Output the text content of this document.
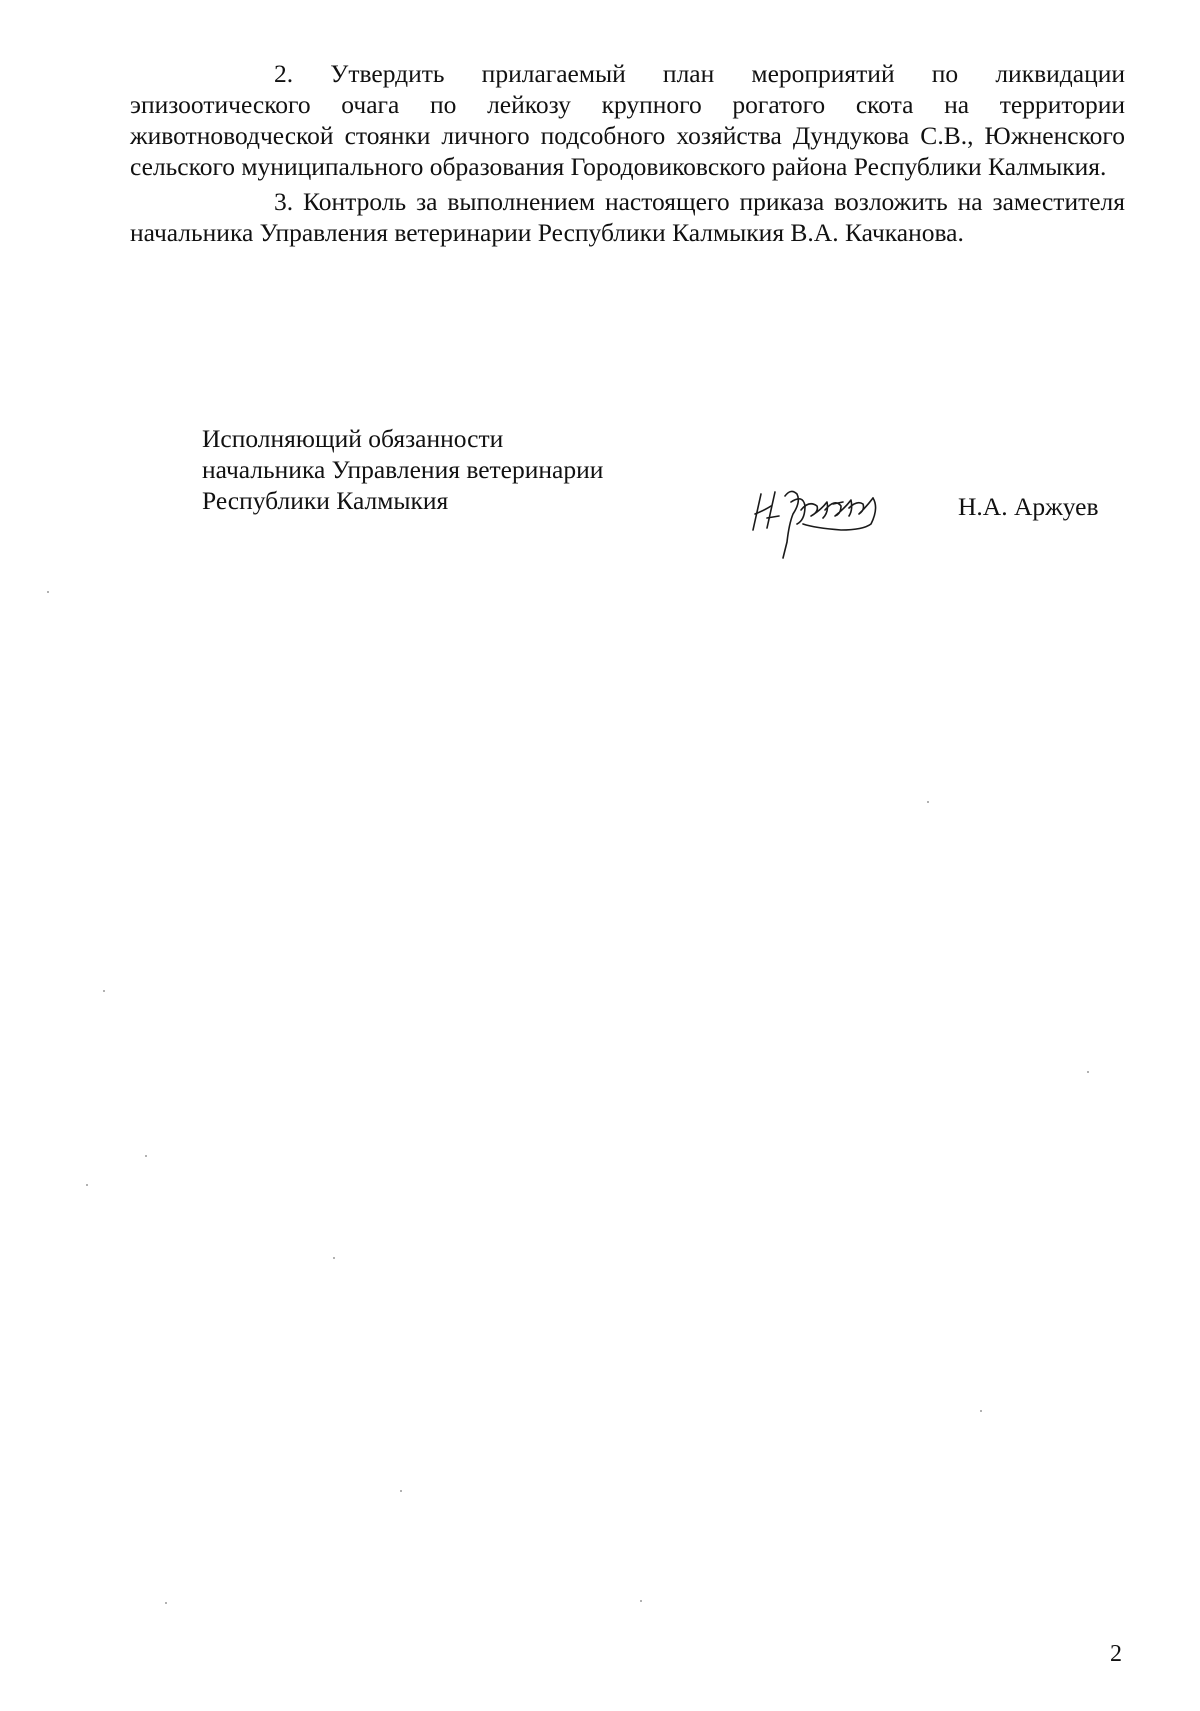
2. Утвердить прилагаемый план мероприятий по ликвидации эпизоотического очага по лейкозу крупного рогатого скота на территории животноводческой стоянки личного подсобного хозяйства Дундукова С.В., Южненского сельского муниципального образования Городовиковского района Республики Калмыкия.

3. Контроль за выполнением настоящего приказа возложить на заместителя начальника Управления ветеринарии Республики Калмыкия В.А. Качканова.

Исполняющий обязанности
начальника Управления ветеринарии
Республики Калмыкия	Н.А. Аржуев
2
